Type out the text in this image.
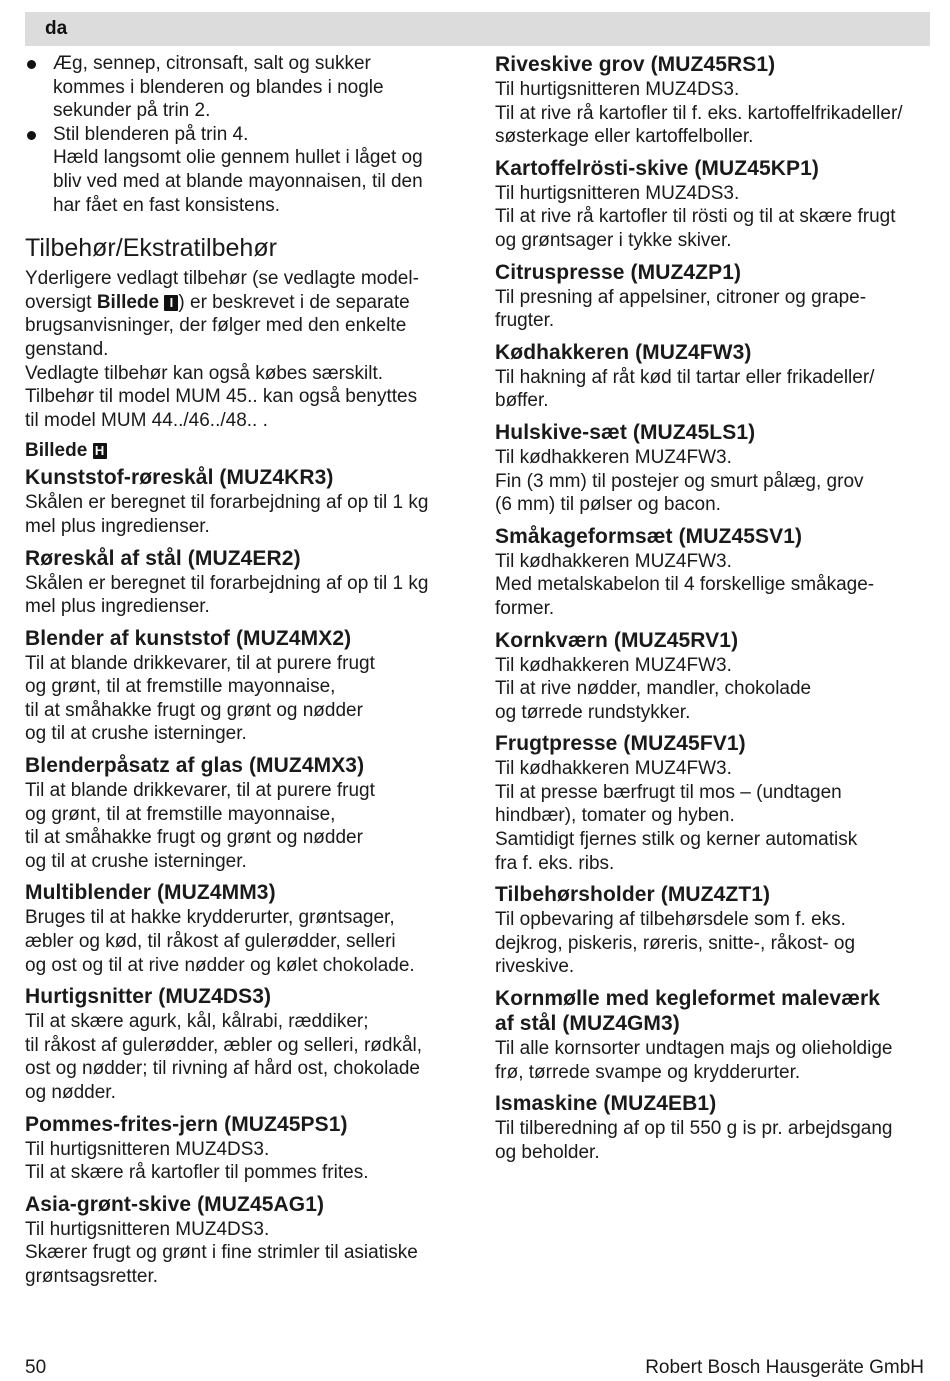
da
Æg, sennep, citronsaft, salt og sukker
kommes i blenderen og blandes i nogle
sekunder på trin 2.
Stil blenderen på trin 4.
Hæld langsomt olie gennem hullet i låget og
bliv ved med at blande mayonnaisen, til den
har fået en fast konsistens.
Tilbehør/Ekstratilbehør

Yderligere vedlagt tilbehør (se vedlagte model-
oversigt Billede I ) er beskrevet i de separate
brugsanvisninger, der følger med den enkelte
genstand.
Vedlagte tilbehør kan også købes særskilt.
Tilbehør til model MUM 45.. kan også benyttes
til model MUM 44../46../48.. .

Billede H
Kunststof-røreskål (MUZ4KR3)

Skålen er beregnet til forarbejdning af op til 1 kg
mel plus ingredienser.

Røreskål af stål (MUZ4ER2)

Skålen er beregnet til forarbejdning af op til 1 kg
mel plus ingredienser.

Blender af kunststof (MUZ4MX2)

Til at blande drikkevarer, til at purere frugt
og grønt, til at fremstille mayonnaise,
til at småhakke frugt og grønt og nødder
og til at crushe isterninger.

Blenderpåsatz af glas (MUZ4MX3)

Til at blande drikkevarer, til at purere frugt
og grønt, til at fremstille mayonnaise,
til at småhakke frugt og grønt og nødder
og til at crushe isterninger.

Multiblender (MUZ4MM3)

Bruges til at hakke krydderurter, grøntsager,
æbler og kød, til råkost af gulerødder, selleri
og ost og til at rive nødder og kølet chokolade.

Hurtigsnitter (MUZ4DS3)

Til at skære agurk, kål, kålrabi, ræddiker;
til råkost af gulerødder, æbler og selleri, rødkål,
ost og nødder; til rivning af hård ost, chokolade
og nødder.

Pommes-frites-jern (MUZ45PS1)

Til hurtigsnitteren MUZ4DS3.
Til at skære rå kartofler til pommes frites.

Asia-grønt-skive (MUZ45AG1)

Til hurtigsnitteren MUZ4DS3.
Skærer frugt og grønt i fine strimler til asiatiske
grøntsagsretter.

Riveskive grov (MUZ45RS1)

Til hurtigsnitteren MUZ4DS3.
Til at rive rå kartofler til f. eks. kartoffelfrikadeller/
søsterkage eller kartoffelboller.

Kartoffelrösti-skive (MUZ45KP1)

Til hurtigsnitteren MUZ4DS3.
Til at rive rå kartofler til rösti og til at skære frugt
og grøntsager i tykke skiver.

Citruspresse (MUZ4ZP1)

Til presning af appelsiner, citroner og grape-
frugter.

Kødhakkeren (MUZ4FW3)

Til hakning af råt kød til tartar eller frikadeller/
bøffer.

Hulskive-sæt (MUZ45LS1)

Til kødhakkeren MUZ4FW3.
Fin (3 mm) til postejer og smurt pålæg, grov
(6 mm) til pølser og bacon.

Småkageformsæt (MUZ45SV1)

Til kødhakkeren MUZ4FW3.
Med metalskabelon til 4 forskellige småkage-
former.

Kornkværn (MUZ45RV1)

Til kødhakkeren MUZ4FW3.
Til at rive nødder, mandler, chokolade
og tørrede rundstykker.

Frugtpresse (MUZ45FV1)

Til kødhakkeren MUZ4FW3.
Til at presse bærfrugt til mos – (undtagen
hindbær), tomater og hyben.
Samtidigt fjernes stilk og kerner automatisk
fra f. eks. ribs.

Tilbehørsholder (MUZ4ZT1)

Til opbevaring af tilbehørsdele som f. eks.
dejkrog, piskeris, røreris, snitte-, råkost- og
riveskive.

Kornmølle med kegleformet maleværk
af stål (MUZ4GM3)

Til alle kornsorter undtagen majs og olieholdige
frø, tørrede svampe og krydderurter.

Ismaskine (MUZ4EB1)

Til tilberedning af op til 550 g is pr. arbejdsgang
og beholder.

50	Robert Bosch Hausgeräte GmbH
